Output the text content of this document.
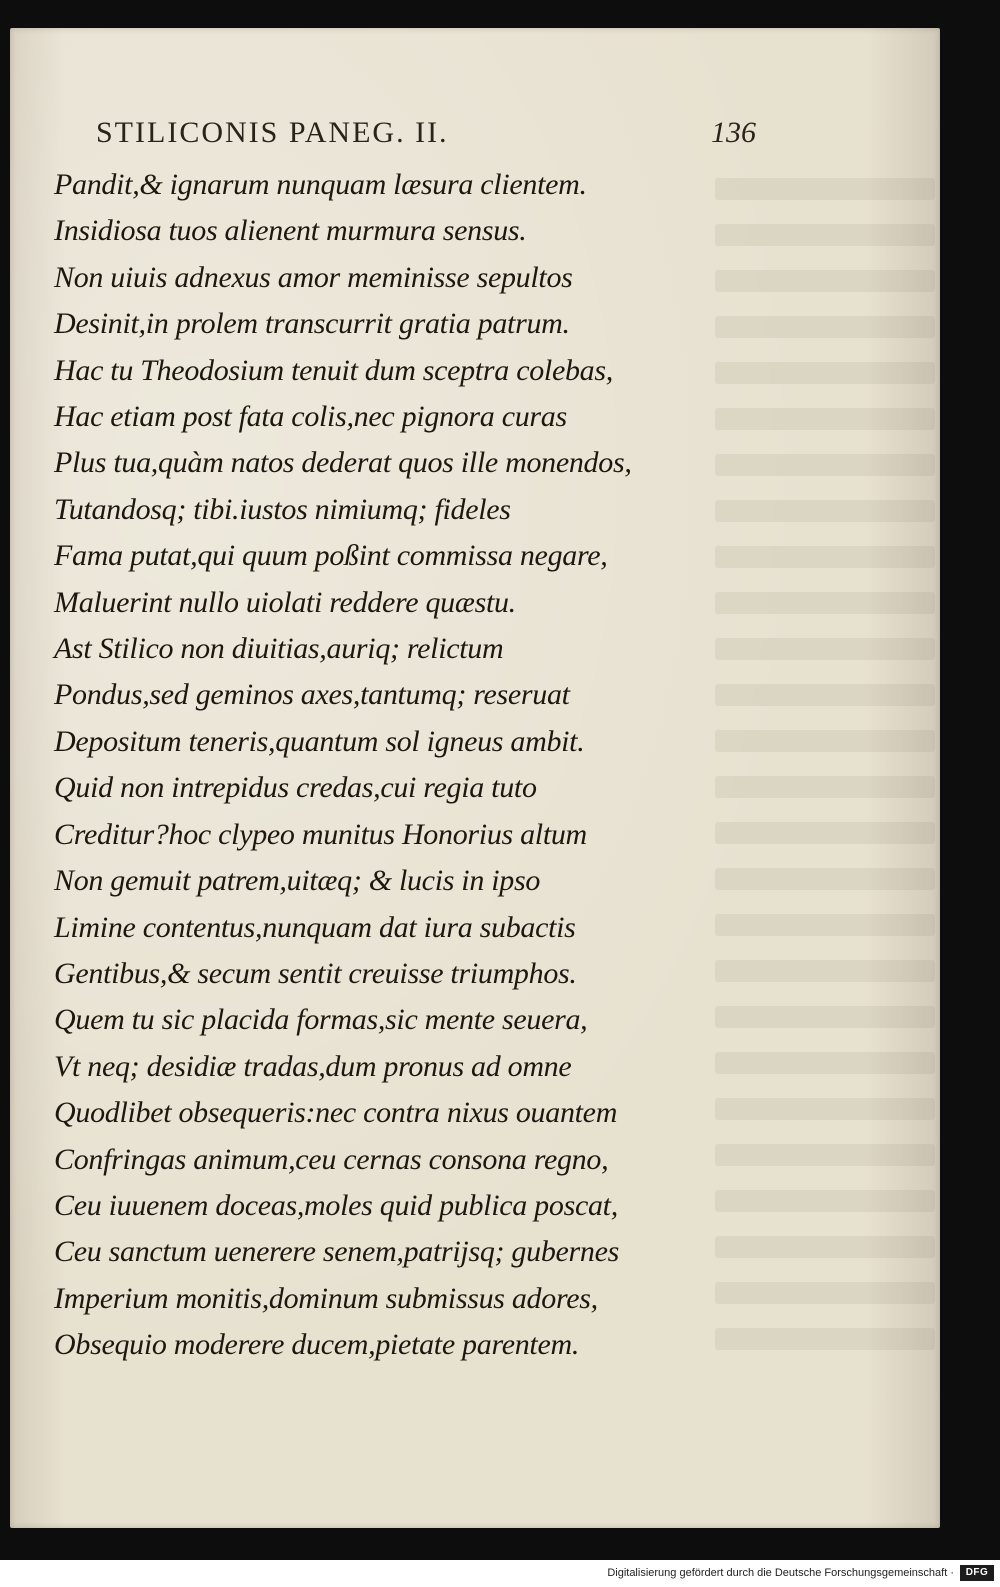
STILICONIS PANEG. II.	136
Pandit,& ignarum nunquam læsura clientem.
Insidiosa tuos alienent murmura sensus.
Non uiuis adnexus amor meminisse sepultos
Desinit,in prolem transcurrit gratia patrum.
Hac tu Theodosium tenuit dum sceptra colebas,
Hac etiam post fata colis,nec pignora curas
Plus tua,quàm natos dederat quos ille monendos,
Tutandosq; tibi.iustos nimiumq; fideles
Fama putat,qui quum poßint commissa negare,
Maluerint nullo uiolati reddere quæstu.
Ast Stilico non diuitias,auriq; relictum
Pondus,sed geminos axes,tantumq; reseruat
Depositum teneris,quantum sol igneus ambit.
Quid non intrepidus credas,cui regia tuto
Creditur?hoc clypeo munitus Honorius altum
Non gemuit patrem,uitæq; & lucis in ipso
Limine contentus,nunquam dat iura subactis
Gentibus,& secum sentit creuisse triumphos.
Quem tu sic placida formas,sic mente seuera,
Vt neq; desidiæ tradas,dum pronus ad omne
Quodlibet obsequeris:nec contra nixus ouantem
Confringas animum,ceu cernas consona regno,
Ceu iuuenem doceas,moles quid publica poscat,
Ceu sanctum uenerere senem,patrijsq; gubernes
Imperium monitis,dominum submissus adores,
Obsequio moderere ducem,pietate parentem.
Digitalisierung gefördert durch die Deutsche Forschungsgemeinschaft ·	DFG
